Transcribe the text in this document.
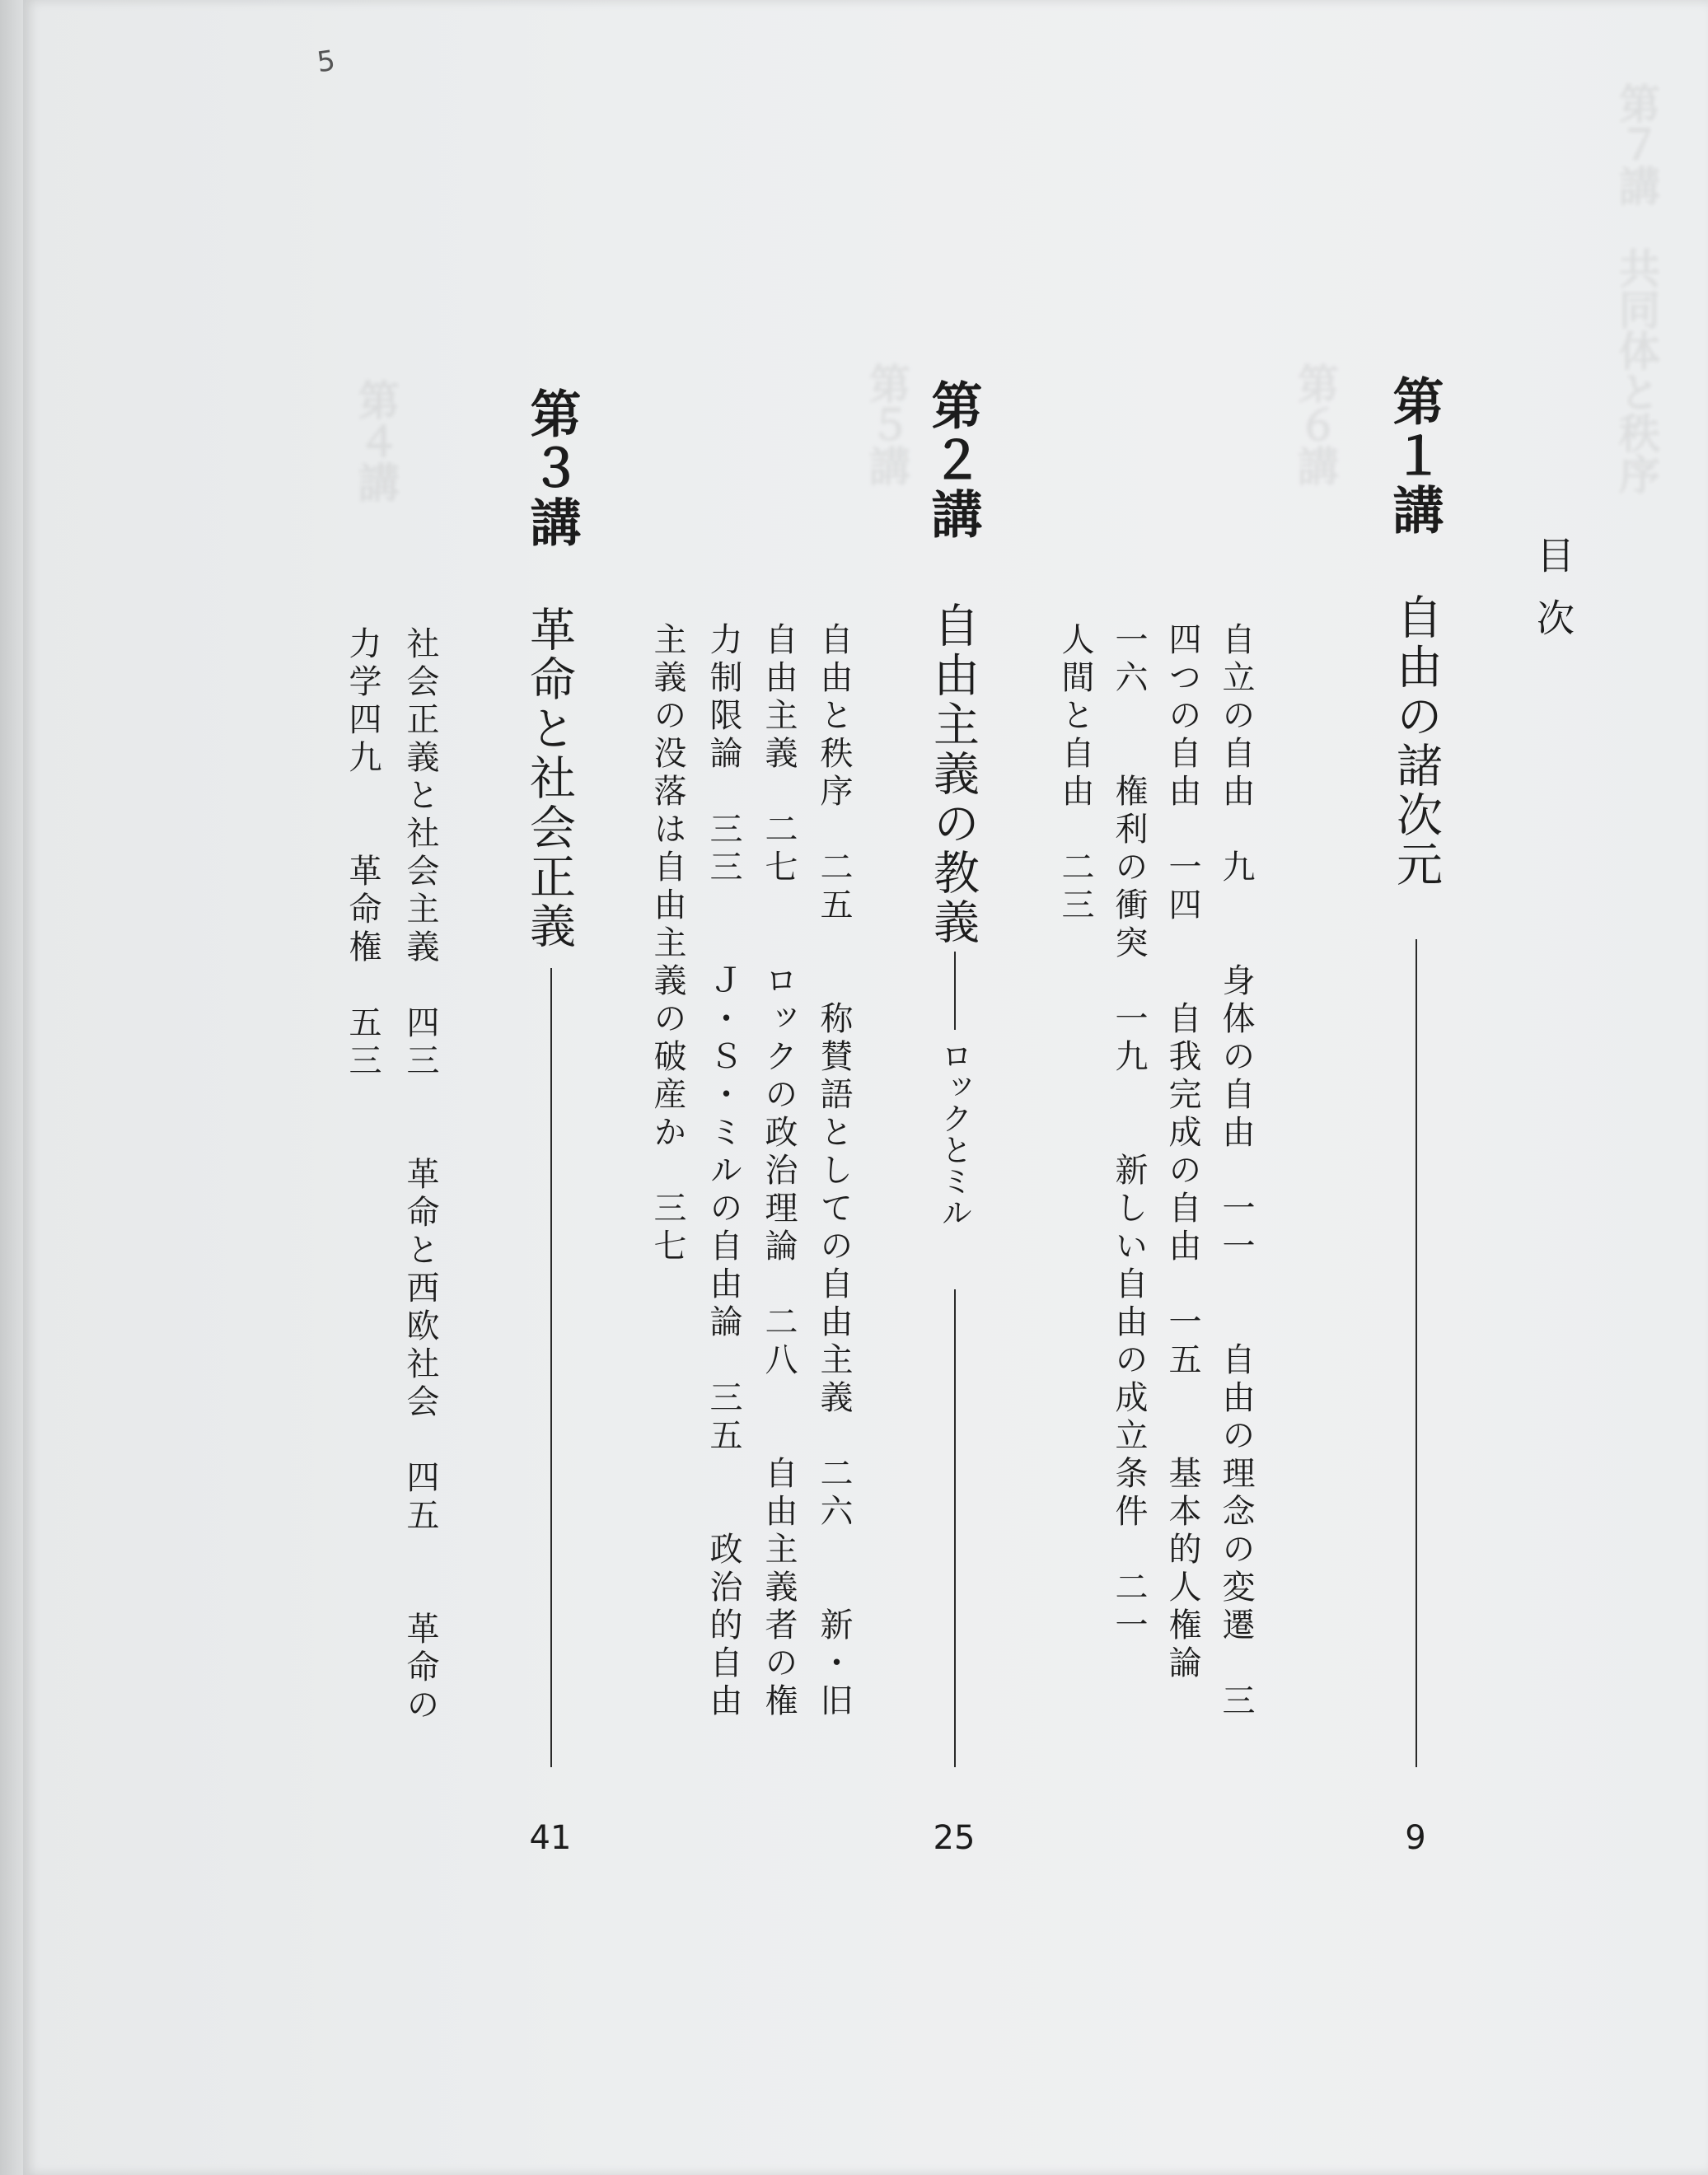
第７講　共同体と秩序
第６講
第５講
第４講
5
目次
第１講
自由の諸次元
9
自立の自由　九　　身体の自由　一一　　自由の理念の変遷　三
四つの自由　一四　　自我完成の自由　一五　　基本的人権論
一六　　権利の衝突　一九　　新しい自由の成立条件　二一
人間と自由　二三
第２講
自由主義の教義
ロックとミル
25
自由と秩序　二五　　称賛語としての自由主義　二六　　新・旧
自由主義　二七　　ロックの政治理論　二八　　自由主義者の権
力制限論　三三　　Ｊ・Ｓ・ミルの自由論　三五　　政治的自由
主義の没落は自由主義の破産か　三七
第３講
革命と社会正義
41
社会正義と社会主義　四三　　革命と西欧社会　四五　　革命の
力学四九　　革命権　五三
